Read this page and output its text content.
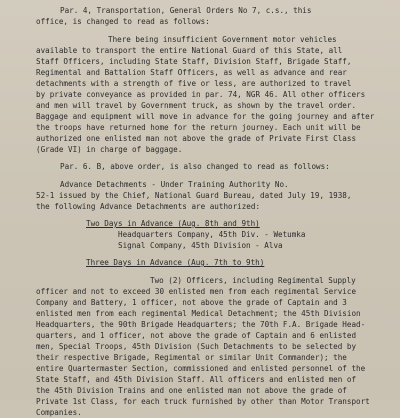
Par. 4, Transportation, General Orders No 7, c.s., this
office, is changed to read as follows:
There being insufficient Government motor vehicles
available to transport the entire National Guard of this State, all
Staff Officers, including State Staff, Division Staff, Brigade Staff,
Regimental and Battalion Staff Officers, as well as advance and rear
detachments with a strength of five or less, are authorized to travel
by private conveyance as provided in par. 74, NGR 46. All other officers
and men will travel by Government truck, as shown by the travel order.
Baggage and equipment will move in advance for the going journey and after
the troops have returned home for the return journey. Each unit will be
authorized one enlisted man not above the grade of Private First Class
(Grade VI) in charge of baggage.
Par. 6. B, above order, is also changed to read as follows:
Advance Detachments - Under Training Authority No.
52-1 issued by the Chief, National Guard Bureau, dated July 19, 1938,
the following Advance Detachments are authorized:
Two Days in Advance (Aug. 8th and 9th)
Headquarters Company, 45th Div. - Wetumka
Signal Company, 45th Division - Alva
Three Days in Advance (Aug. 7th to 9th)
Two (2) Officers, including Regimental Supply
officer and not to exceed 30 enlisted men from each regimental Service
Company and Battery, 1 officer, not above the grade of Captain and 3
enlisted men from each regimental Medical Detachment; the 45th Division
Headquarters, the 90th Brigade Headquarters; the 70th F.A. Brigade Head-
quarters, and 1 officer, not above the grade of Captain and 6 enlisted
men, Special Troops, 45th Division (Such Detachments to be selected by
their respective Brigade, Regimental or similar Unit Commander); the
entire Quartermaster Section, commissioned and enlisted personnel of the
State Staff, and 45th Division Staff. All officers and enlisted men of
the 45th Division Trains and one enlisted man not above the grade of
Private 1st Class, for each truck furnished by other than Motor Transport
Companies.
